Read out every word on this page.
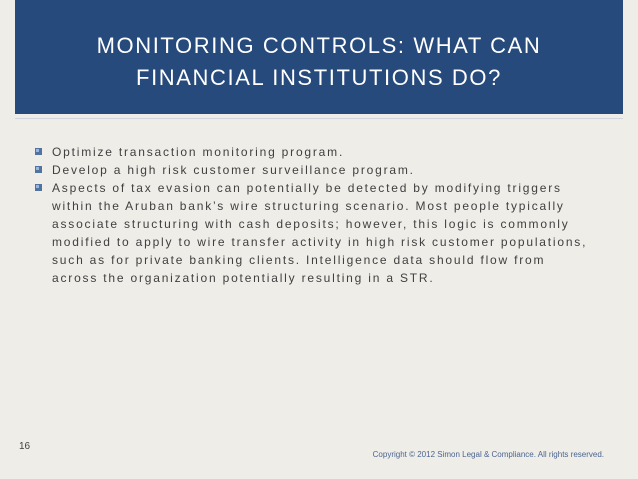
MONITORING CONTROLS: WHAT CAN
FINANCIAL INSTITUTIONS DO?
Optimize transaction monitoring program.
Develop a high risk customer surveillance program.
Aspects of tax evasion can potentially be detected by modifying triggers within the Aruban bank’s wire structuring scenario. Most people typically associate structuring with cash deposits; however, this logic is commonly modified to apply to wire transfer activity in high risk customer populations, such as for private banking clients. Intelligence data should flow from across the organization potentially resulting in a STR.
16
Copyright © 2012 Simon Legal & Compliance. All rights reserved.
